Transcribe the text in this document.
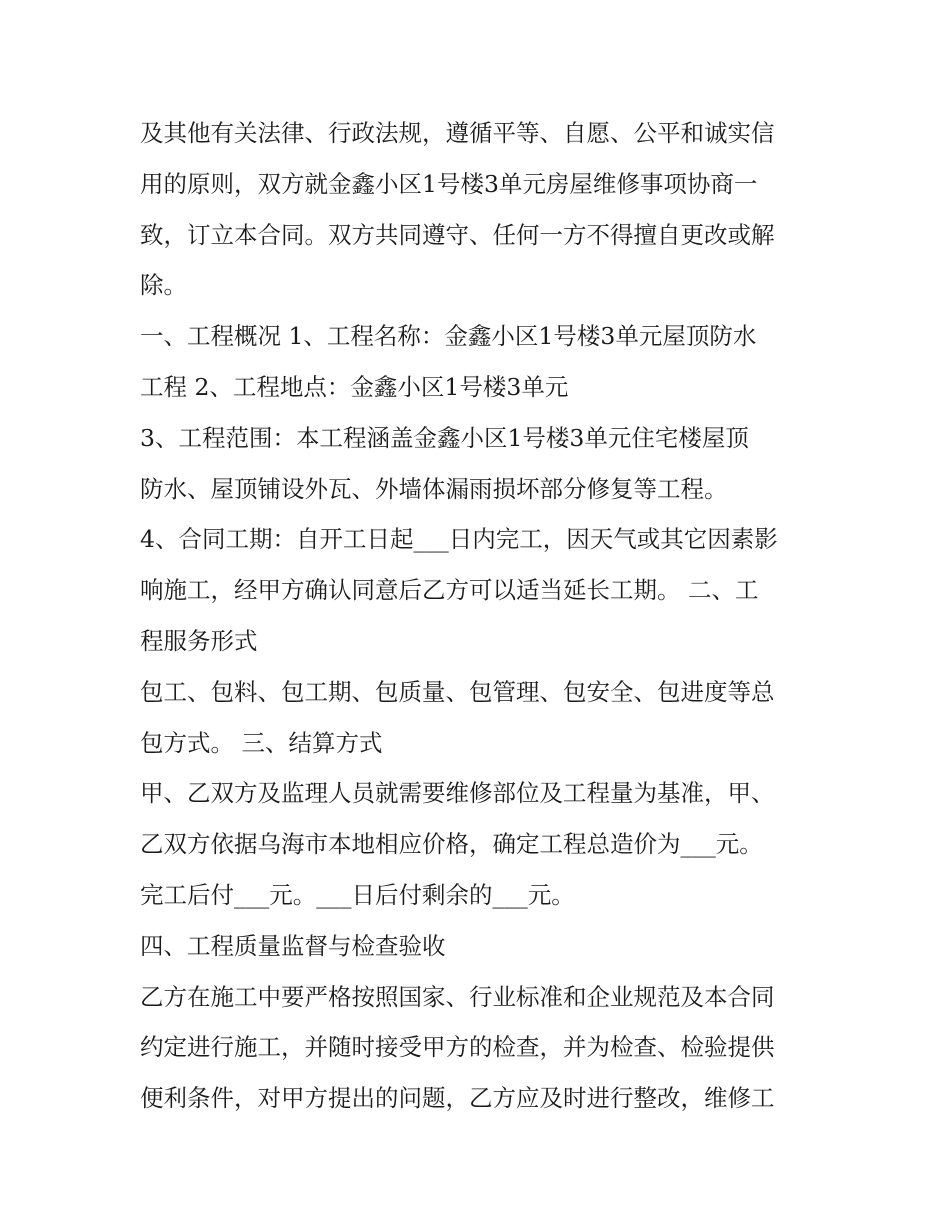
及其他有关法律、行政法规，遵循平等、自愿、公平和诚实信
用的原则，双方就金鑫小区1号楼3单元房屋维修事项协商一
致，订立本合同。双方共同遵守、任何一方不得擅自更改或解
除。
一、工程概况 1、工程名称：金鑫小区1号楼3单元屋顶防水
工程 2、工程地点：金鑫小区1号楼3单元
3、工程范围：本工程涵盖金鑫小区1号楼3单元住宅楼屋顶
防水、屋顶铺设外瓦、外墙体漏雨损坏部分修复等工程。
4、合同工期：自开工日起___日内完工，因天气或其它因素影
响施工，经甲方确认同意后乙方可以适当延长工期。 二、工
程服务形式
包工、包料、包工期、包质量、包管理、包安全、包进度等总
包方式。 三、结算方式
甲、乙双方及监理人员就需要维修部位及工程量为基准，甲、
乙双方依据乌海市本地相应价格，确定工程总造价为___元。
完工后付___元。___日后付剩余的___元。
四、工程质量监督与检查验收
乙方在施工中要严格按照国家、行业标准和企业规范及本合同
约定进行施工，并随时接受甲方的检查，并为检查、检验提供
便利条件，对甲方提出的问题，乙方应及时进行整改，维修工
